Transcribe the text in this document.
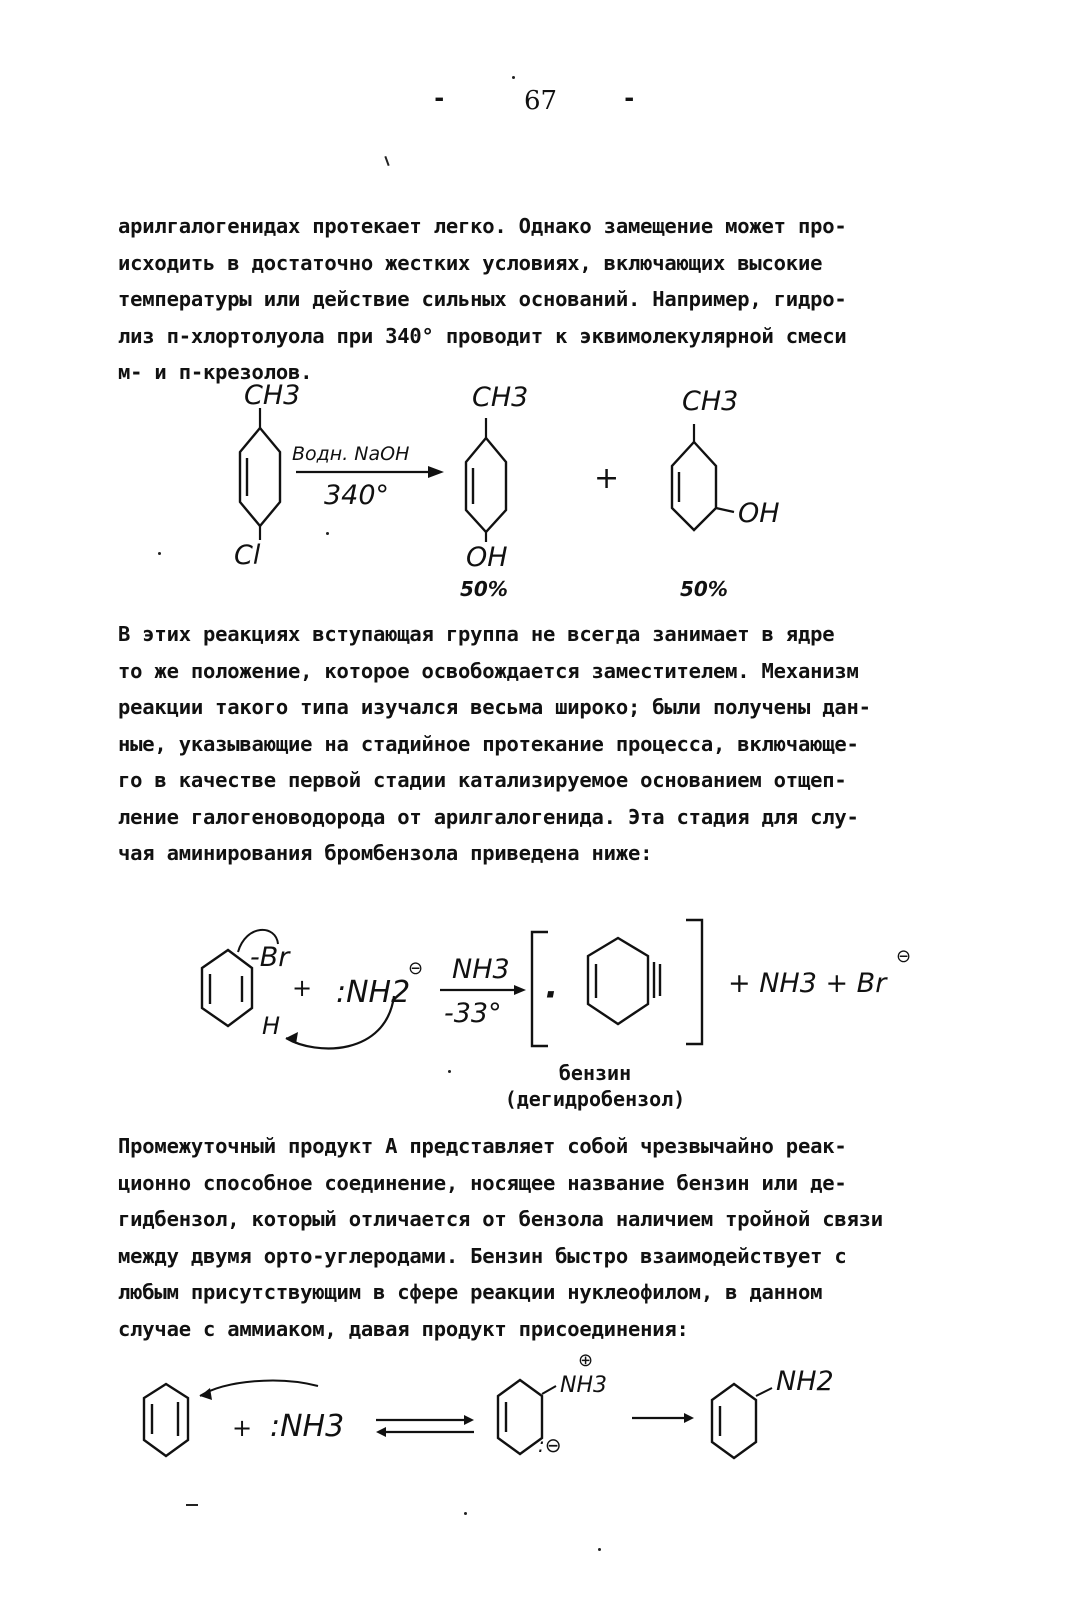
-	67	-
арилгалогенидах протекает легко. Однако замещение может про-
исходить в достаточно жестких условиях, включающих высокие
температуры или действие сильных оснований. Например, гидро-
лиз п-хлортолуола при 340° проводит к эквимолекулярной смеси
м- и п-крезолов.
CH3
Cl
Водн. NaOH
340°
CH3
OH
50%
+
CH3
OH
50%
В этих реакциях вступающая группа не всегда занимает в ядре
то же положение, которое освобождается заместителем. Механизм
реакции такого типа изучался весьма широко; были получены дан-
ные, указывающие на стадийное протекание процесса, включающе-
го в качестве первой стадии катализируемое основанием отщеп-
ление галогеноводорода от арилгалогенида. Эта стадия для слу-
чая аминирования бромбензола приведена ниже:
-Br
H
+ :NH2
⊖ NH3
-33° ·	+ NH3 + Br
⊖
бензин
(дегидробензол)
Промежуточный продукт А представляет собой чрезвычайно реак-
ционно способное соединение, носящее название бензин или де-
гидбензол, который отличается от бензола наличием тройной связи
между двумя орто-углеродами. Бензин быстро взаимодействует с
любым присутствующим в сфере реакции нуклеофилом, в данном
случае с аммиаком, давая продукт присоединения:
+ :NH3
NH3
⊕
:⊖
NH2
